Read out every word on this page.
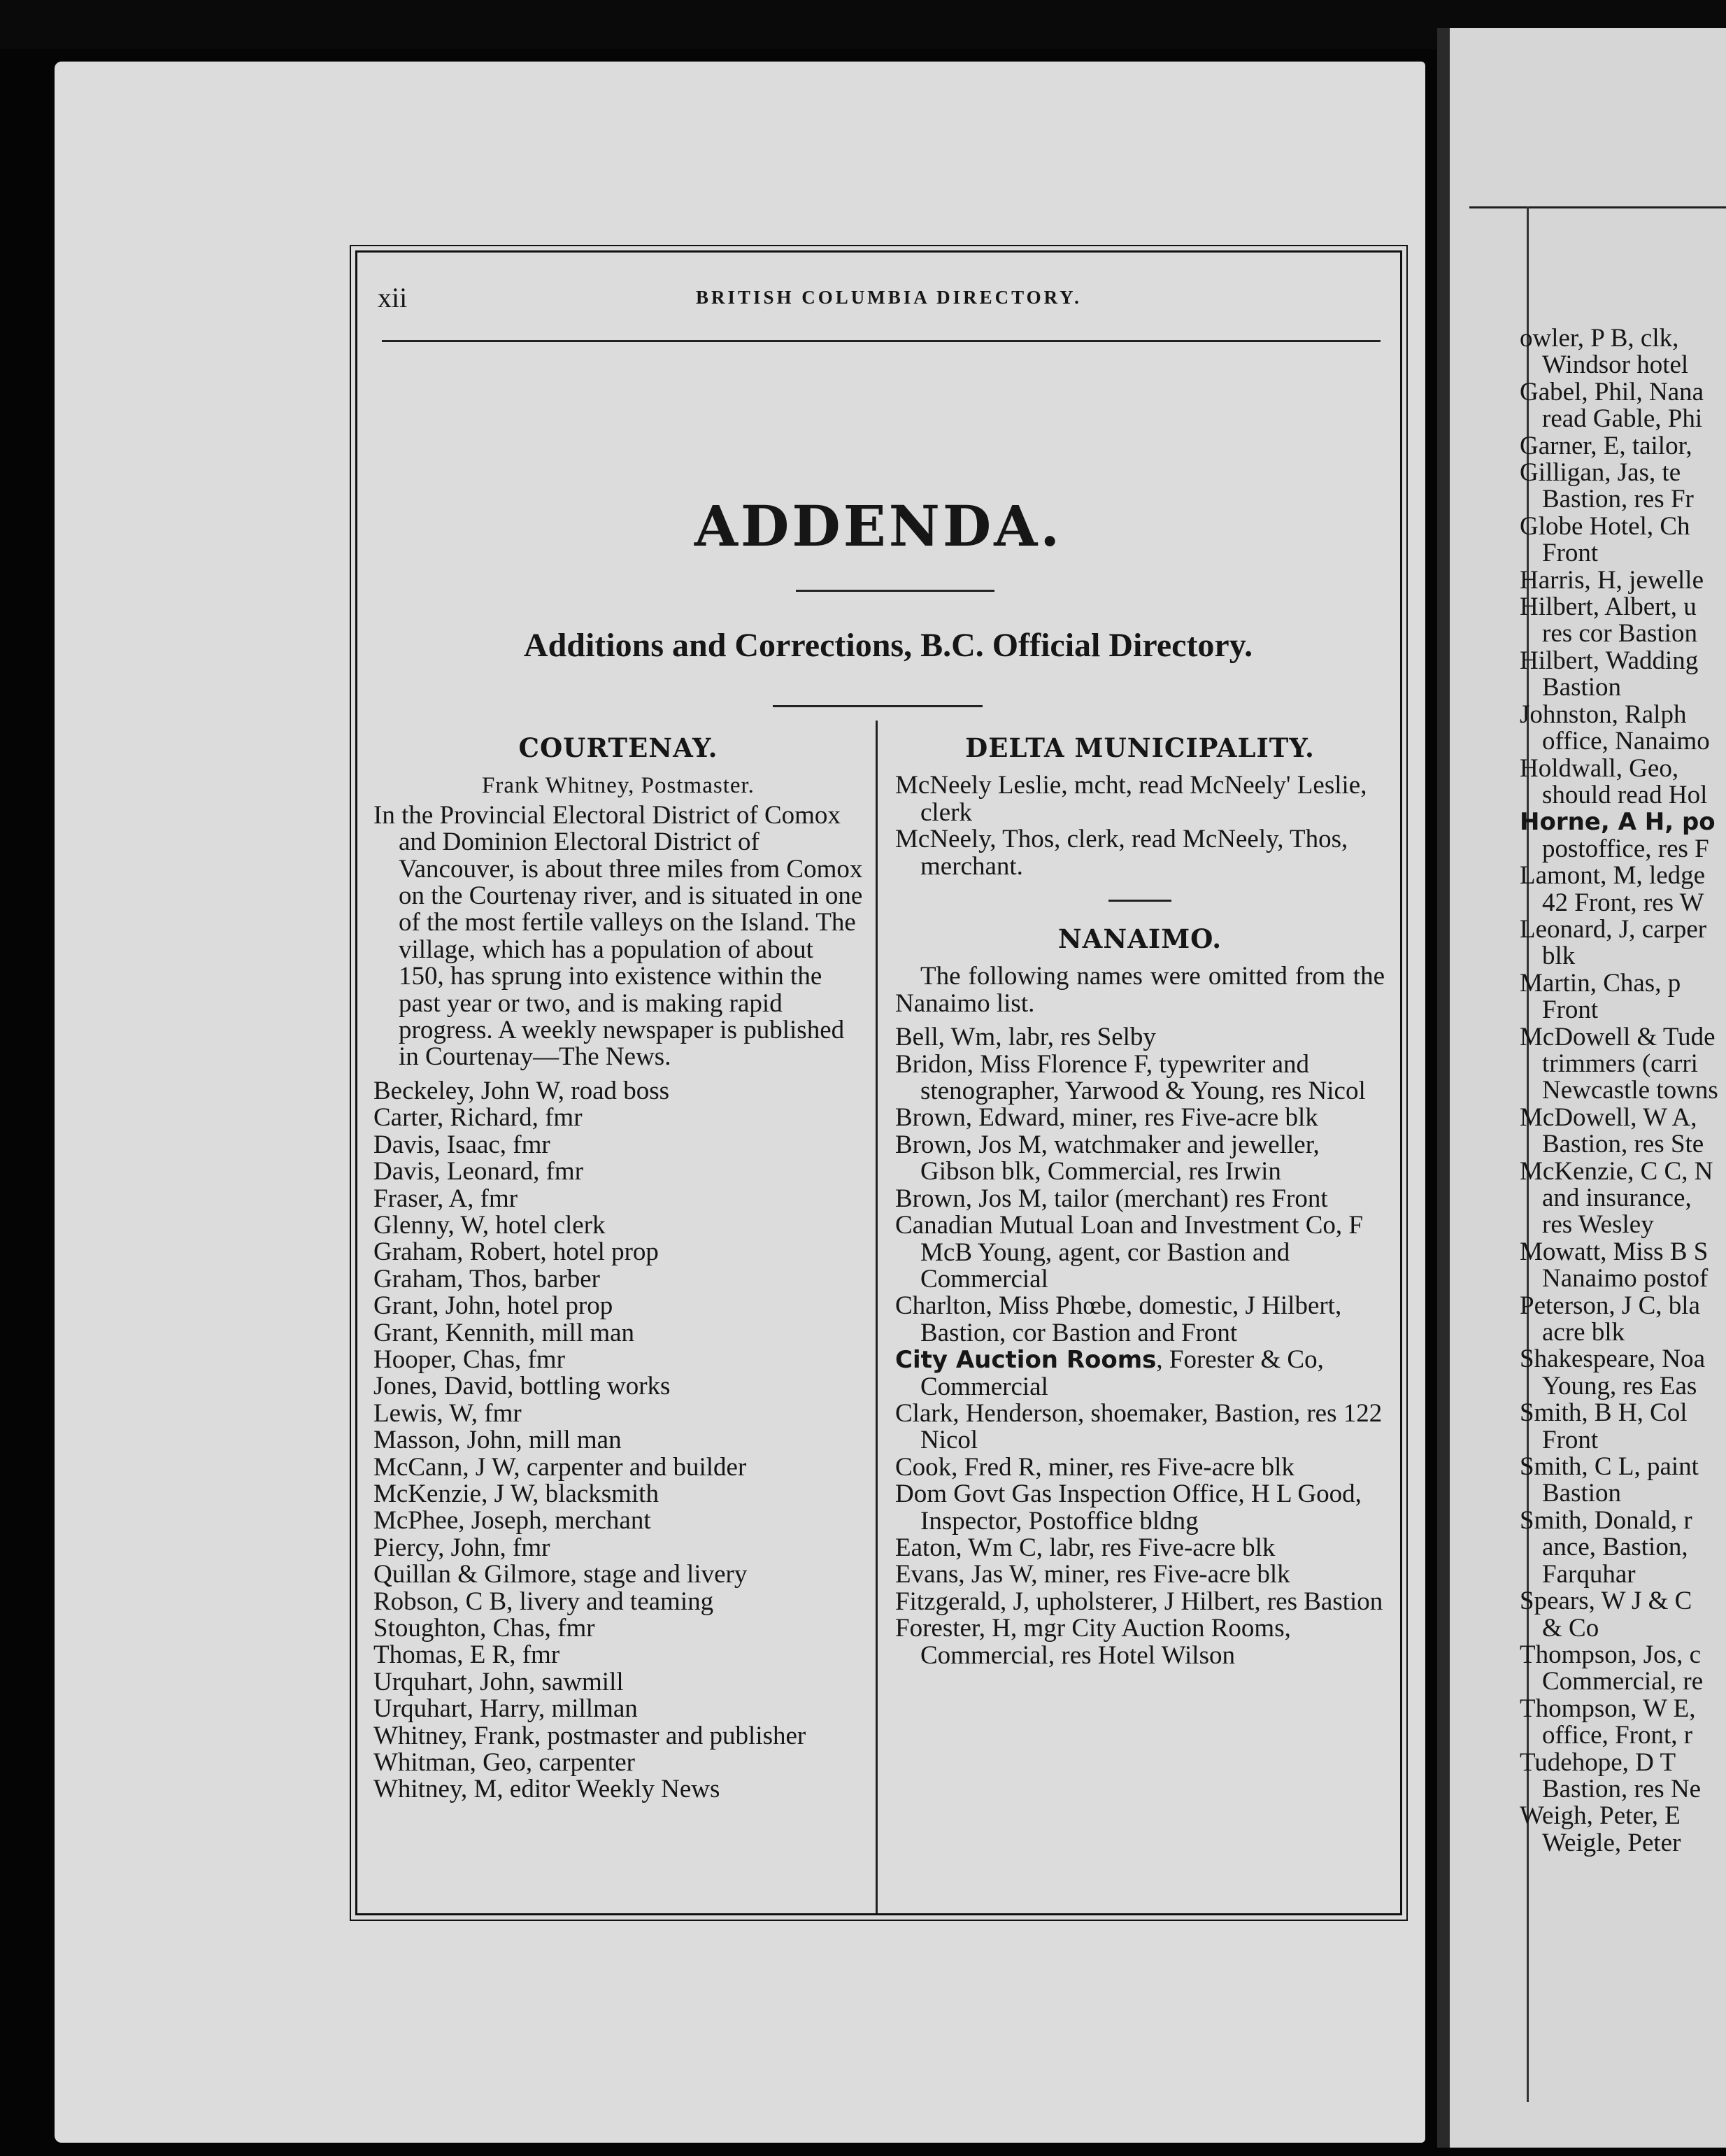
owler, P B, clk,
Windsor hotel
Gabel, Phil, Nana
read Gable, Phi
Garner, E, tailor,
Gilligan, Jas, te
Bastion, res Fr
Globe Hotel, Ch
Front
Harris, H, jewelle
Hilbert, Albert, u
res cor Bastion
Hilbert, Wadding
Bastion
Johnston, Ralph
office, Nanaimo
Holdwall, Geo,
should read Hol
Horne, A H, po
postoffice, res F
Lamont, M, ledge
42 Front, res W
Leonard, J, carper
blk
Martin, Chas, p
Front
McDowell & Tude
trimmers (carri
Newcastle towns
McDowell, W A,
Bastion, res Ste
McKenzie, C C, N
and insurance,
res Wesley
Mowatt, Miss B S
Nanaimo postof
Peterson, J C, bla
acre blk
Shakespeare, Noa
Young, res Eas
Smith, B H, Col
Front
Smith, C L, paint
Bastion
Smith, Donald, r
ance, Bastion,
Farquhar
Spears, W J & C
& Co
Thompson, Jos, c
Commercial, re
Thompson, W E,
office, Front, r
Tudehope, D T
Bastion, res Ne
Weigh, Peter, E
Weigle, Peter
xii	BRITISH COLUMBIA DIRECTORY.
ADDENDA.
Additions and Corrections, B.C. Official Directory.
COURTENAY.
Frank Whitney, Postmaster.
In the Provincial Electoral District of Comox and Dominion Electoral District of Vancouver, is about three miles from Comox on the Courtenay river, and is situated in one of the most fertile valleys on the Island. The village, which has a population of about 150, has sprung into existence within the past year or two, and is making rapid progress. A weekly newspaper is published in Courtenay—The News.
Beckeley, John W, road boss
Carter, Richard, fmr
Davis, Isaac, fmr
Davis, Leonard, fmr
Fraser, A, fmr
Glenny, W, hotel clerk
Graham, Robert, hotel prop
Graham, Thos, barber
Grant, John, hotel prop
Grant, Kennith, mill man
Hooper, Chas, fmr
Jones, David, bottling works
Lewis, W, fmr
Masson, John, mill man
McCann, J W, carpenter and builder
McKenzie, J W, blacksmith
McPhee, Joseph, merchant
Piercy, John, fmr
Quillan & Gilmore, stage and livery
Robson, C B, livery and teaming
Stoughton, Chas, fmr
Thomas, E R, fmr
Urquhart, John, sawmill
Urquhart, Harry, millman
Whitney, Frank, postmaster and publisher
Whitman, Geo, carpenter
Whitney, M, editor Weekly News
DELTA MUNICIPALITY.
McNeely Leslie, mcht, read McNeely' Leslie, clerk
McNeely, Thos, clerk, read McNeely, Thos, merchant.
NANAIMO.
The following names were omitted from the Nanaimo list.
Bell, Wm, labr, res Selby
Bridon, Miss Florence F, typewriter and stenographer, Yarwood & Young, res Nicol
Brown, Edward, miner, res Five-acre blk
Brown, Jos M, watchmaker and jeweller, Gibson blk, Commercial, res Irwin
Brown, Jos M, tailor (merchant) res Front
Canadian Mutual Loan and Investment Co, F McB Young, agent, cor Bastion and Commercial
Charlton, Miss Phœbe, domestic, J Hilbert, Bastion, cor Bastion and Front
City Auction Rooms, Forester & Co, Commercial
Clark, Henderson, shoemaker, Bastion, res 122 Nicol
Cook, Fred R, miner, res Five-acre blk
Dom Govt Gas Inspection Office, H L Good, Inspector, Postoffice bldng
Eaton, Wm C, labr, res Five-acre blk
Evans, Jas W, miner, res Five-acre blk
Fitzgerald, J, upholsterer, J Hilbert, res Bastion
Forester, H, mgr City Auction Rooms, Commercial, res Hotel Wilson
